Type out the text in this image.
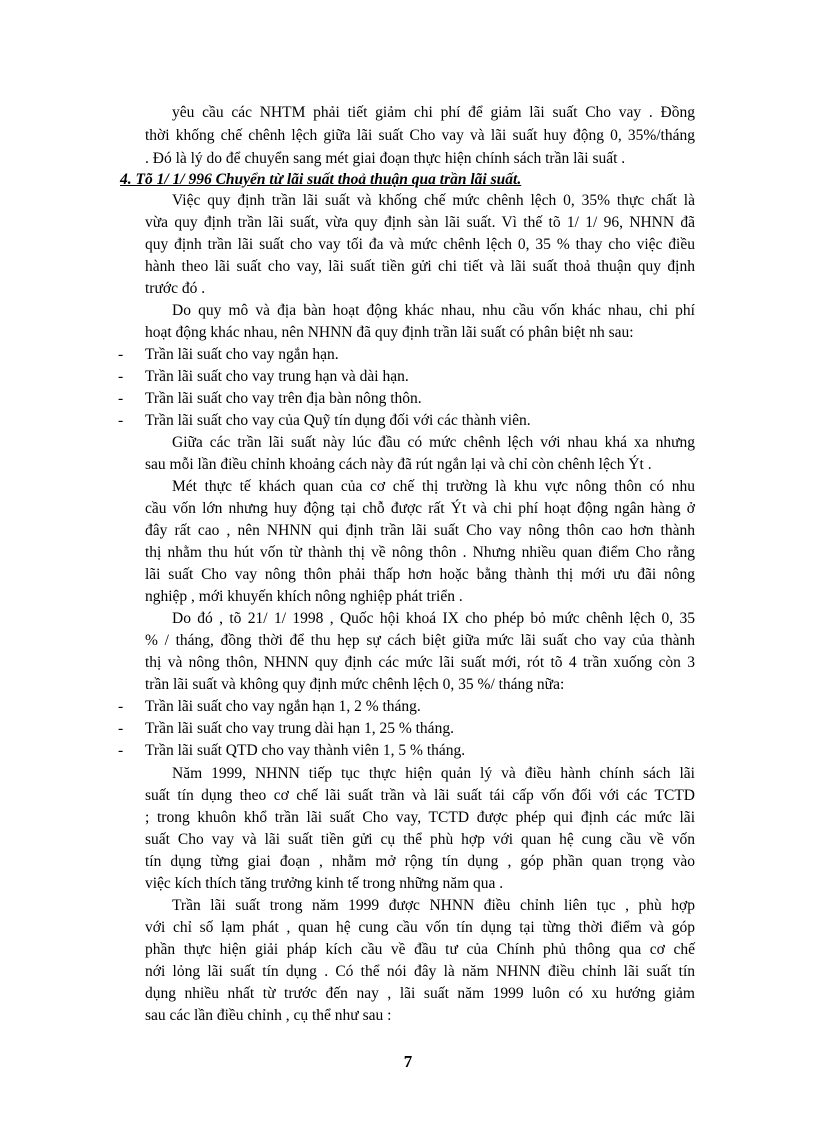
yêu cầu các NHTM phải tiết giảm chi phí để giảm lãi suất Cho vay . Đồng
thời khống chế chênh lệch giữa lãi suất Cho vay và lãi suất huy động 0, 35%/tháng
. Đó là lý do để chuyển sang mét giai đoạn thực hiện chính sách trần lãi suất .
4. Tõ 1/ 1/ 996 Chuyển từ lãi suất thoả thuận qua trần lãi suất.
Việc quy định trần lãi suất và khống chế mức chênh lệch 0, 35% thực chất là
vừa quy định trần lãi suất, vừa quy định sàn lãi suất. Vì thế tõ 1/ 1/ 96, NHNN đã
quy định trần lãi suất cho vay tối đa và mức chênh lệch 0, 35 % thay cho việc điều
hành theo lãi suất cho vay, lãi suất tiền gửi chi tiết và lãi suất thoả thuận quy định
trước đó .
Do quy mô và địa bàn hoạt động khác nhau, nhu cầu vốn khác nhau, chi phí
hoạt động khác nhau, nên NHNN đã quy định trần lãi suất có phân biệt nh sau:
- Trần lãi suất cho vay ngắn hạn.
- Trần lãi suất cho vay trung hạn và dài hạn.
- Trần lãi suất cho vay trên địa bàn nông thôn.
- Trần lãi suất cho vay của Quỹ tín dụng đối với các thành viên.
Giữa các trần lãi suất này lúc đầu có mức chênh lệch với nhau khá xa nhưng
sau mỗi lần điều chỉnh khoảng cách này đã rút ngắn lại và chỉ còn chênh lệch Ýt .
Mét thực tế khách quan của cơ chế thị trường là khu vực nông thôn có nhu
cầu vốn lớn nhưng huy động tại chỗ được rất Ýt và chi phí hoạt động ngân hàng ở
đây rất cao , nên NHNN qui định trần lãi suất Cho vay nông thôn cao hơn thành
thị nhằm thu hút vốn từ thành thị về nông thôn . Nhưng nhiều quan điểm Cho rằng
lãi suất Cho vay nông thôn phải thấp hơn hoặc bằng thành thị mới ưu đãi nông
nghiệp , mới khuyến khích nông nghiệp phát triển .
Do đó , tõ 21/ 1/ 1998 , Quốc hội khoá IX cho phép bỏ mức chênh lệch 0, 35
% / tháng, đồng thời để thu hẹp sự cách biệt giữa mức lãi suất cho vay của thành
thị và nông thôn, NHNN quy định các mức lãi suất mới, rót tõ 4 trần xuống còn 3
trần lãi suất và không quy định mức chênh lệch 0, 35 %/ tháng nữa:
- Trần lãi suất cho vay ngắn hạn 1, 2 % tháng.
- Trần lãi suất cho vay trung dài hạn 1, 25 % tháng.
- Trần lãi suất QTD cho vay thành viên 1, 5 % tháng.
Năm 1999, NHNN tiếp tục thực hiện quản lý và điều hành chính sách lãi
suất tín dụng theo cơ chế lãi suất trần và lãi suất tái cấp vốn đối với các TCTD
; trong khuôn khổ trần lãi suất Cho vay, TCTD được phép qui định các mức lãi
suất Cho vay và lãi suất tiền gửi cụ thể phù hợp với quan hệ cung cầu về vốn
tín dụng từng giai đoạn , nhằm mở rộng tín dụng , góp phần quan trọng vào
việc kích thích tăng trưởng kinh tế trong những năm qua .
Trần lãi suất trong năm 1999 được NHNN điều chỉnh liên tục , phù hợp
với chỉ số lạm phát , quan hệ cung cầu vốn tín dụng tại từng thời điểm và góp
phần thực hiện giải pháp kích cầu về đầu tư của Chính phủ thông qua cơ chế
nới lỏng lãi suất tín dụng . Có thể nói đây là năm NHNN điều chỉnh lãi suất tín
dụng nhiều nhất từ trước đến nay , lãi suất năm 1999 luôn có xu hướng giảm
sau các lần điều chỉnh , cụ thể như sau :
7
